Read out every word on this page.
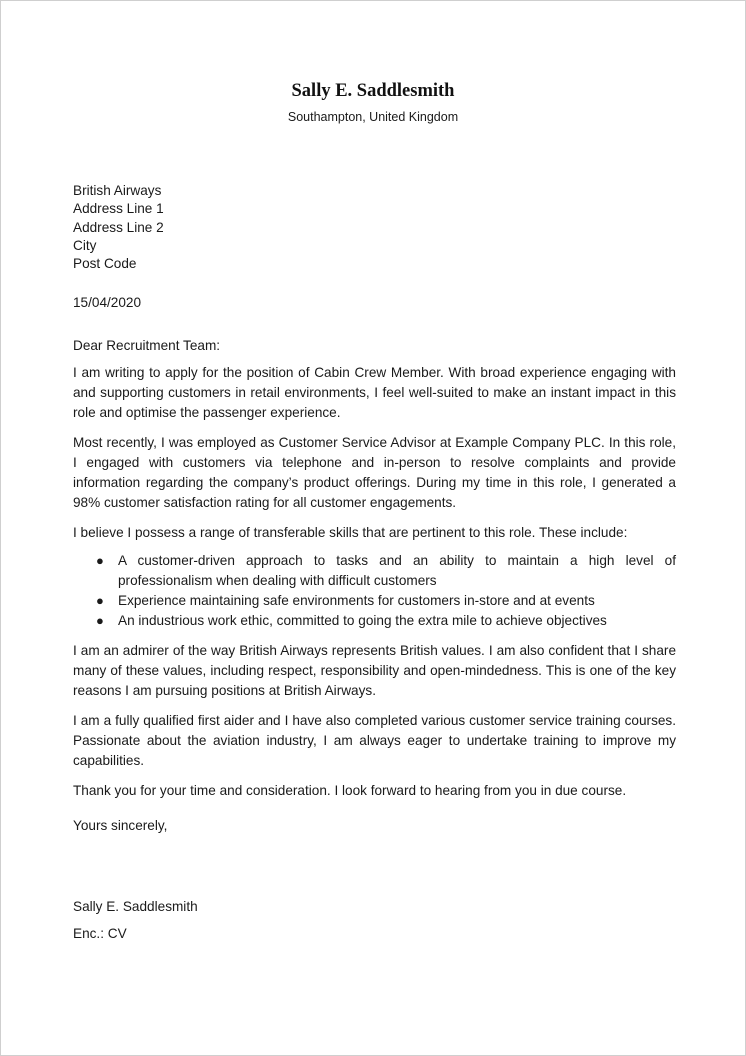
Sally E. Saddlesmith
Southampton, United Kingdom
British Airways
Address Line 1
Address Line 2
City
Post Code
15/04/2020
Dear Recruitment Team:

I am writing to apply for the position of Cabin Crew Member. With broad experience engaging with and supporting customers in retail environments, I feel well-suited to make an instant impact in this role and optimise the passenger experience.

Most recently, I was employed as Customer Service Advisor at Example Company PLC. In this role, I engaged with customers via telephone and in-person to resolve complaints and provide information regarding the company’s product offerings. During my time in this role, I generated a 98% customer satisfaction rating for all customer engagements.

I believe I possess a range of transferable skills that are pertinent to this role. These include:

● A customer-driven approach to tasks and an ability to maintain a high level of professionalism when dealing with difficult customers
● Experience maintaining safe environments for customers in-store and at events
● An industrious work ethic, committed to going the extra mile to achieve objectives

I am an admirer of the way British Airways represents British values. I am also confident that I share many of these values, including respect, responsibility and open-mindedness. This is one of the key reasons I am pursuing positions at British Airways.

I am a fully qualified first aider and I have also completed various customer service training courses. Passionate about the aviation industry, I am always eager to undertake training to improve my capabilities.

Thank you for your time and consideration. I look forward to hearing from you in due course.

Yours sincerely,
Sally E. Saddlesmith
Enc.: CV
